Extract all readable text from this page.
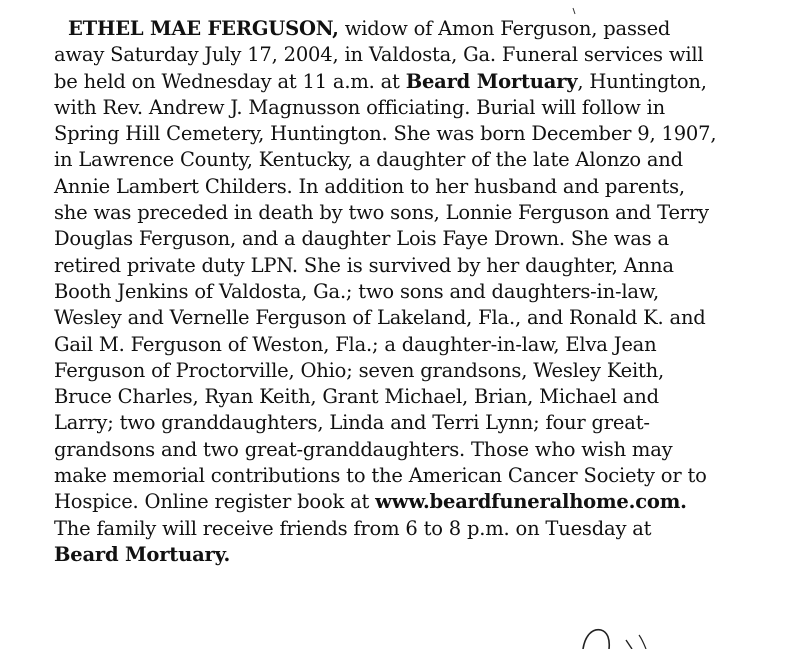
ETHEL MAE FERGUSON, widow of Amon Ferguson, passed
away Saturday July 17, 2004, in Valdosta, Ga. Funeral services will
be held on Wednesday at 11 a.m. at Beard Mortuary, Huntington,
with Rev. Andrew J. Magnusson officiating. Burial will follow in
Spring Hill Cemetery, Huntington. She was born December 9, 1907,
in Lawrence County, Kentucky, a daughter of the late Alonzo and
Annie Lambert Childers. In addition to her husband and parents,
she was preceded in death by two sons, Lonnie Ferguson and Terry
Douglas Ferguson, and a daughter Lois Faye Drown. She was a
retired private duty LPN. She is survived by her daughter, Anna
Booth Jenkins of Valdosta, Ga.; two sons and daughters-in-law,
Wesley and Vernelle Ferguson of Lakeland, Fla., and Ronald K. and
Gail M. Ferguson of Weston, Fla.; a daughter-in-law, Elva Jean
Ferguson of Proctorville, Ohio; seven grandsons, Wesley Keith,
Bruce Charles, Ryan Keith, Grant Michael, Brian, Michael and
Larry; two granddaughters, Linda and Terri Lynn; four great-
grandsons and two great-granddaughters. Those who wish may
make memorial contributions to the American Cancer Society or to
Hospice. Online register book at www.beardfuneralhome.com.
The family will receive friends from 6 to 8 p.m. on Tuesday at
Beard Mortuary.
